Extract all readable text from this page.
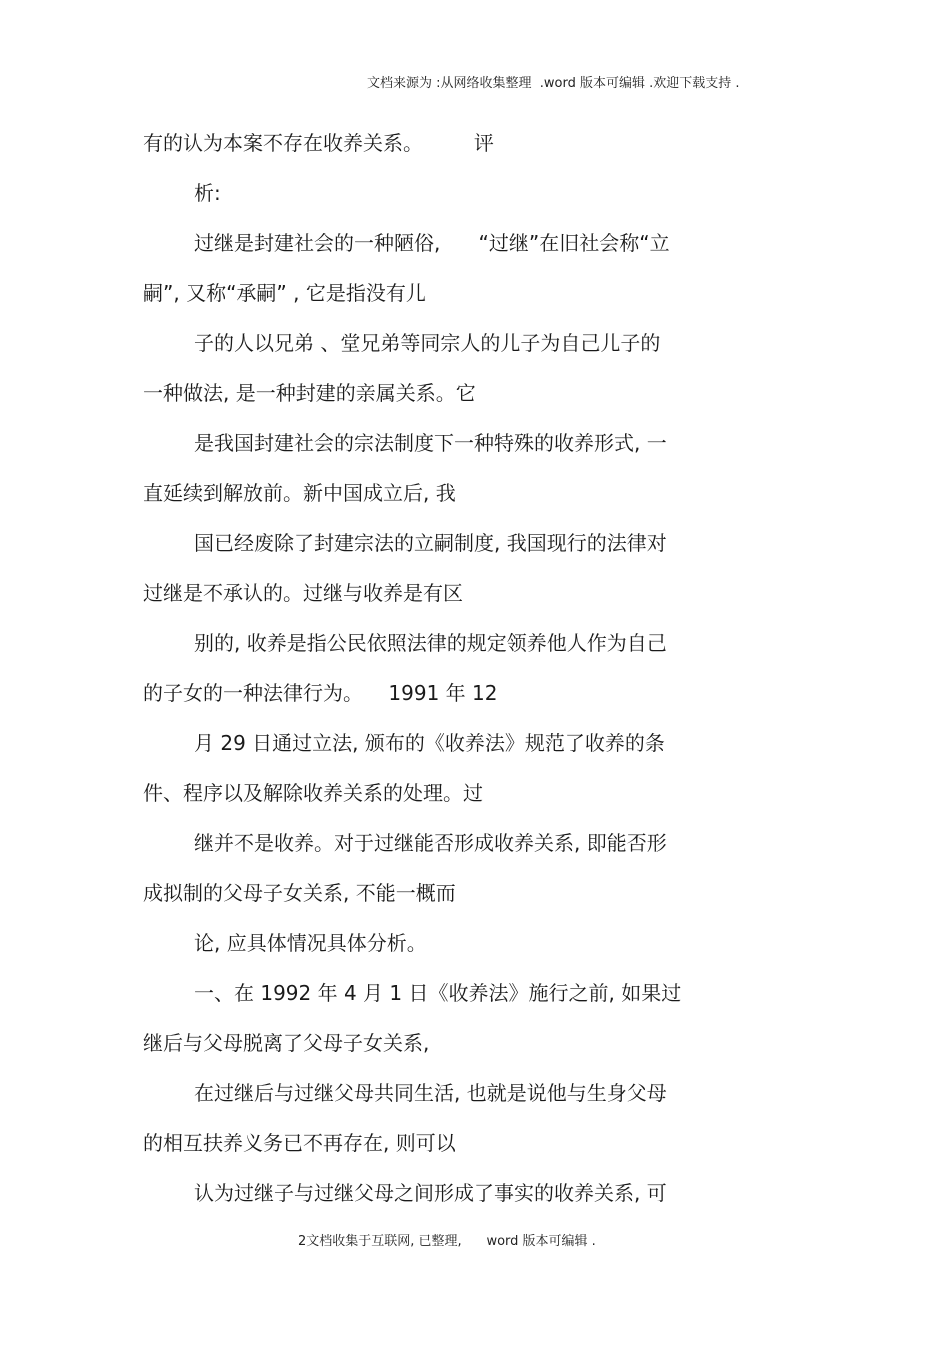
文档来源为 :从网络收集整理  .word 版本可编辑 .欢迎下载支持 .
有的认为本案不存在收养关系。        评
析:
过继是封建社会的一种陋俗,      “过继”在旧社会称“立
嗣”, 又称“承嗣” , 它是指没有儿
子的人以兄弟 、堂兄弟等同宗人的儿子为自己儿子的
一种做法, 是一种封建的亲属关系。它
是我国封建社会的宗法制度下一种特殊的收养形式, 一
直延续到解放前。新中国成立后, 我
国已经废除了封建宗法的立嗣制度, 我国现行的法律对
过继是不承认的。过继与收养是有区
别的, 收养是指公民依照法律的规定领养他人作为自己
的子女的一种法律行为。    1991 年 12
月 29 日通过立法, 颁布的《收养法》规范了收养的条
件、程序以及解除收养关系的处理。过
继并不是收养。对于过继能否形成收养关系, 即能否形
成拟制的父母子女关系, 不能一概而
论, 应具体情况具体分析。
一、在 1992 年 4 月 1 日《收养法》施行之前, 如果过
继后与父母脱离了父母子女关系,
在过继后与过继父母共同生活, 也就是说他与生身父母
的相互扶养义务已不再存在, 则可以
认为过继子与过继父母之间形成了事实的收养关系, 可
2文档收集于互联网, 已整理,      word 版本可编辑 .
